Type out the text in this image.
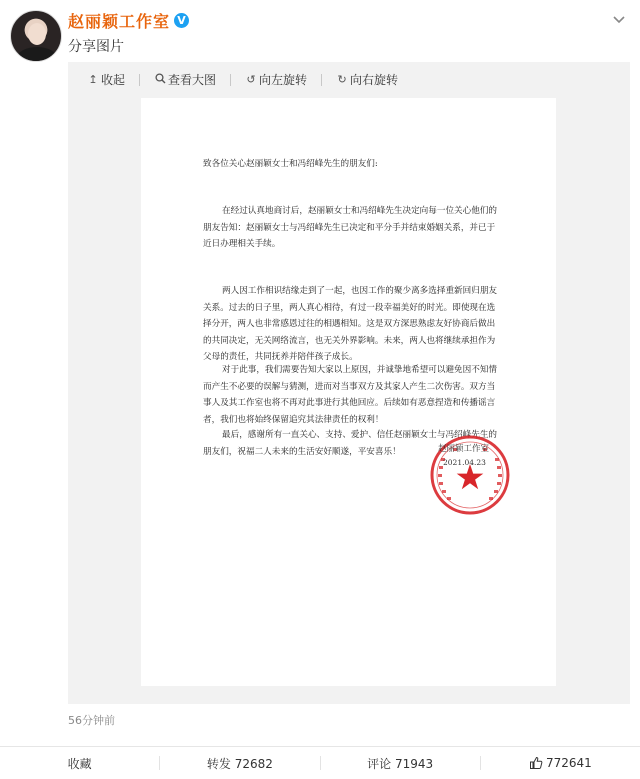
赵丽颖工作室 V
分享图片
↥ 收起	查看大图	↺ 向左旋转	↻ 向右旋转

致各位关心赵丽颖女士和冯绍峰先生的朋友们:

在经过认真地商讨后，赵丽颖女士和冯绍峰先生决定向每一位关心他们的朋友告知：赵丽颖女士与冯绍峰先生已决定和平分手并结束婚姻关系，并已于近日办理相关手续。

两人因工作相识结缘走到了一起，也因工作的聚少离多选择重新回归朋友关系。过去的日子里，两人真心相待，有过一段幸福美好的时光。即使现在选择分开，两人也非常感恩过往的相遇相知。这是双方深思熟虑友好协商后做出的共同决定，无关网络流言，也无关外界影响。未来，两人也将继续承担作为父母的责任，共同抚养并陪伴孩子成长。

对于此事，我们需要告知大家以上原因，并诚挚地希望可以避免因不知情而产生不必要的误解与猜测，进而对当事双方及其家人产生二次伤害。双方当事人及其工作室也将不再对此事进行其他回应。后续如有恶意捏造和传播谣言者，我们也将始终保留追究其法律责任的权利！

最后，感谢所有一直关心、支持、爱护、信任赵丽颖女士与冯绍峰先生的朋友们，祝福二人未来的生活安好顺遂，平安喜乐！	赵丽颖工作室
2021.04.23
56分钟前
收藏	转发 72682	评论 71943	772641
